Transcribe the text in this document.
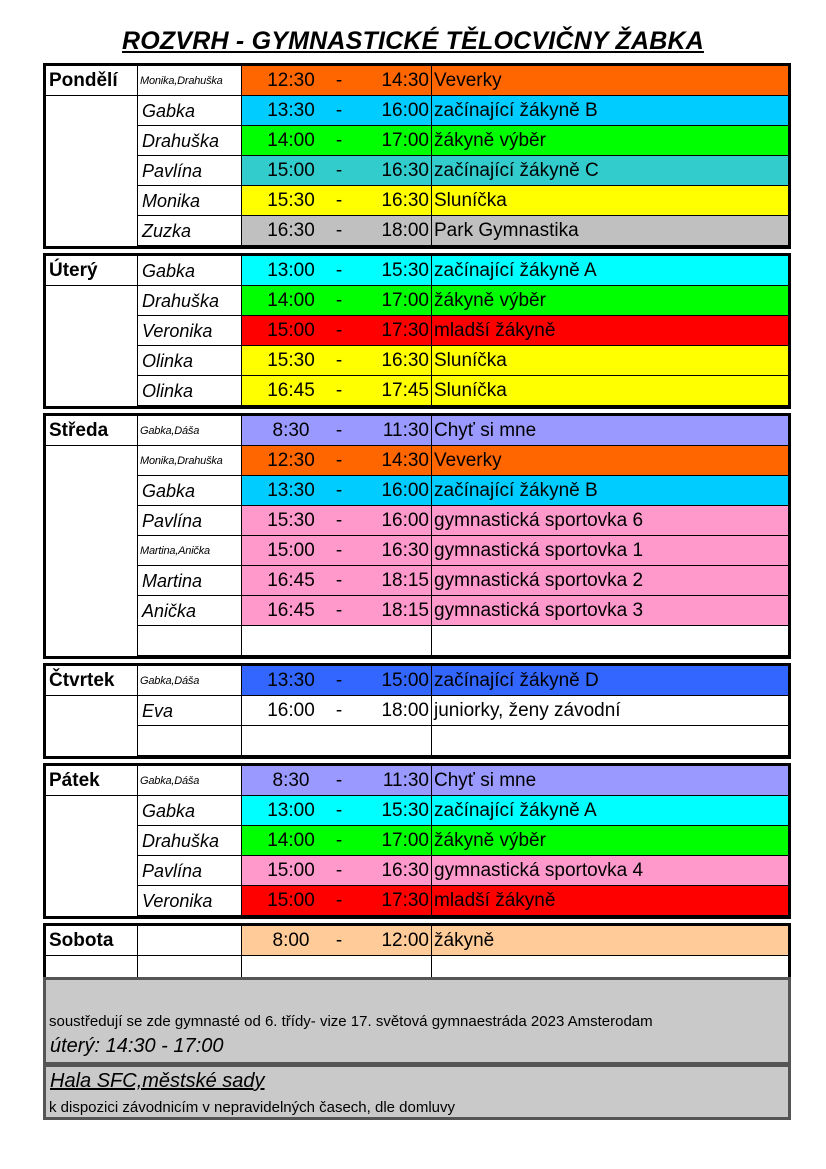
ROZVRH - GYMNASTICKÉ TĚLOCVIČNY ŽABKA
Pondělí	Monika,Drahuška	12:30	-	14:30 Veverky
Gabka	13:30	-	16:00 začínající žákyně B
Drahuška	14:00	-	17:00 žákyně výběr
Pavlína	15:00	-	16:30 začínající žákyně C
Monika	15:30	-	16:30 Sluníčka
Zuzka	16:30	-	18:00 Park Gymnastika
Úterý	Gabka	13:00	-	15:30 začínající žákyně A
Drahuška	14:00	-	17:00 žákyně výběr
Veronika	15:00	-	17:30 mladší žákyně
Olinka	15:30	-	16:30 Sluníčka
Olinka	16:45	-	17:45 Sluníčka
Středa	Gabka,Dáša	8:30	-	11:30 Chyť si mne
Monika,Drahuška	12:30	-	14:30 Veverky
Gabka	13:30	-	16:00 začínající žákyně B
Pavlína	15:30	-	16:00 gymnastická sportovka 6
Martina,Anička	15:00	-	16:30 gymnastická sportovka 1
Martina	16:45	-	18:15 gymnastická sportovka 2
Anička	16:45	-	18:15 gymnastická sportovka 3
Čtvrtek	Gabka,Dáša	13:30	-	15:00 začínající žákyně D
Eva	16:00	-	18:00 juniorky, ženy závodní
Pátek	Gabka,Dáša	8:30	-	11:30 Chyť si mne
Gabka	13:00	-	15:30 začínající žákyně A
Drahuška	14:00	-	17:00 žákyně výběr
Pavlína	15:00	-	16:30 gymnastická sportovka 4
Veronika	15:00	-	17:30 mladší žákyně
Sobota	8:00	-	12:00 žákyně
soustředují se zde gymnasté od 6. třídy- vize 17. světová gymnaestráda 2023 Amsterodam
úterý: 14:30 - 17:00
Hala SFC,městské sady
k dispozici závodnicím v nepravidelných časech, dle domluvy
